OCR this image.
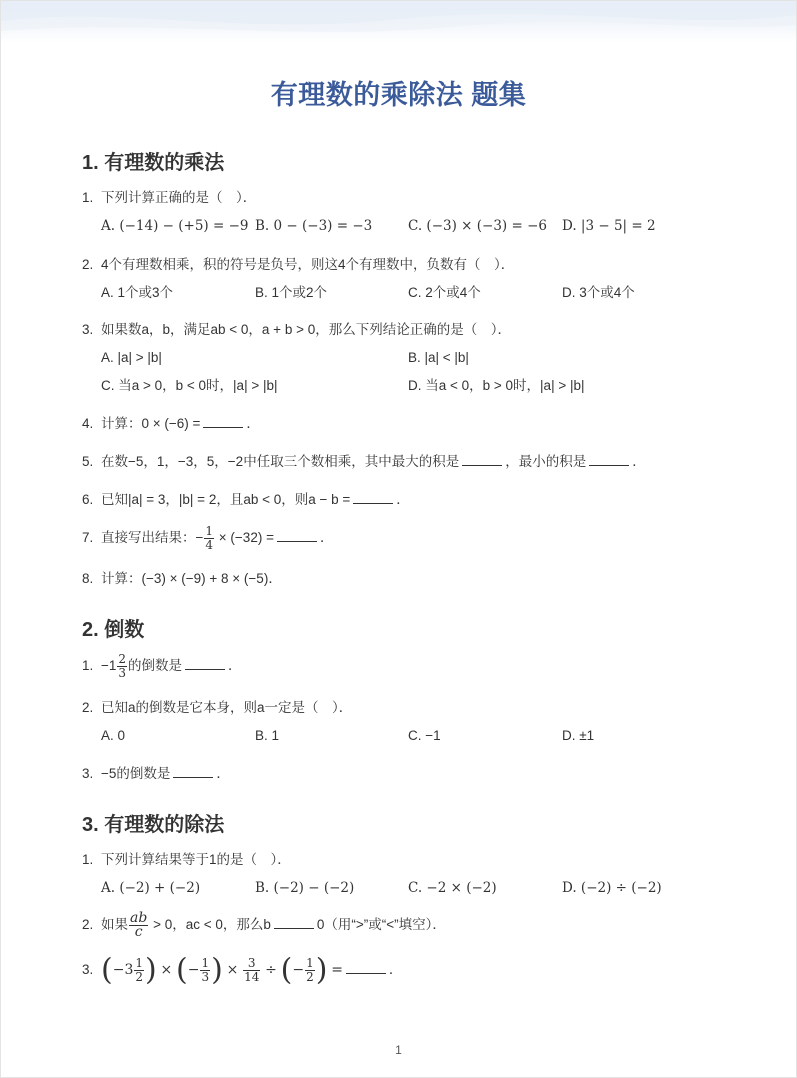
有理数的乘除法 题集
1. 有理数的乘法
1. 下列计算正确的是（　）．
A. (−14) − (+5) = −9 B. 0 − (−3) = −3	C. (−3) × (−3) = −6 D. |3 − 5| = 2
2. 4个有理数相乘，积的符号是负号，则这4个有理数中，负数有（　）．
A. 1个或3个	B. 1个或2个	C. 2个或4个	D. 3个或4个
3. 如果数a，b，满足ab < 0，a + b > 0，那么下列结论正确的是（　）．
A. |a| > |b|	B. |a| < |b|
C. 当a > 0，b < 0时，|a| > |b|	D. 当a < 0，b > 0时，|a| > |b|
4. 计算：0 × (−6) =	．
5. 在数−5，1，−3，5，−2中任取三个数相乘，其中最大的积是	，最小的积是	．
6. 已知|a| = 3，|b| = 2，且ab < 0，则a − b =	．
7. 直接写出结果：− $\frac{1}{4} \times (-32)$ =	．
8. 计算：(−3) × (−9) + 8 × (−5)．
2. 倒数
1. $-1 \frac{2}{3}$ 的倒数是	．
2. 已知a的倒数是它本身，则a一定是（　）．
A. 0	B. 1	C. −1	D. ±1
3. −5的倒数是	．
3. 有理数的除法
1. 下列计算结果等于1的是（　）．
A. (−2) + (−2)	B. (−2) − (−2)	C. −2 × (−2)	D. (−2) ÷ (−2)
2. 如果 $\frac{ab}{c} > 0$，ac < 0，那么b	0（用“>”或“<”填空）．
3. ($-3 \frac{1}{2}$ ) × (− $\frac{1}{3}$ ) × $\frac{3}{14}$ ÷ (− $\frac{1}{2}$ ) =	．
1
